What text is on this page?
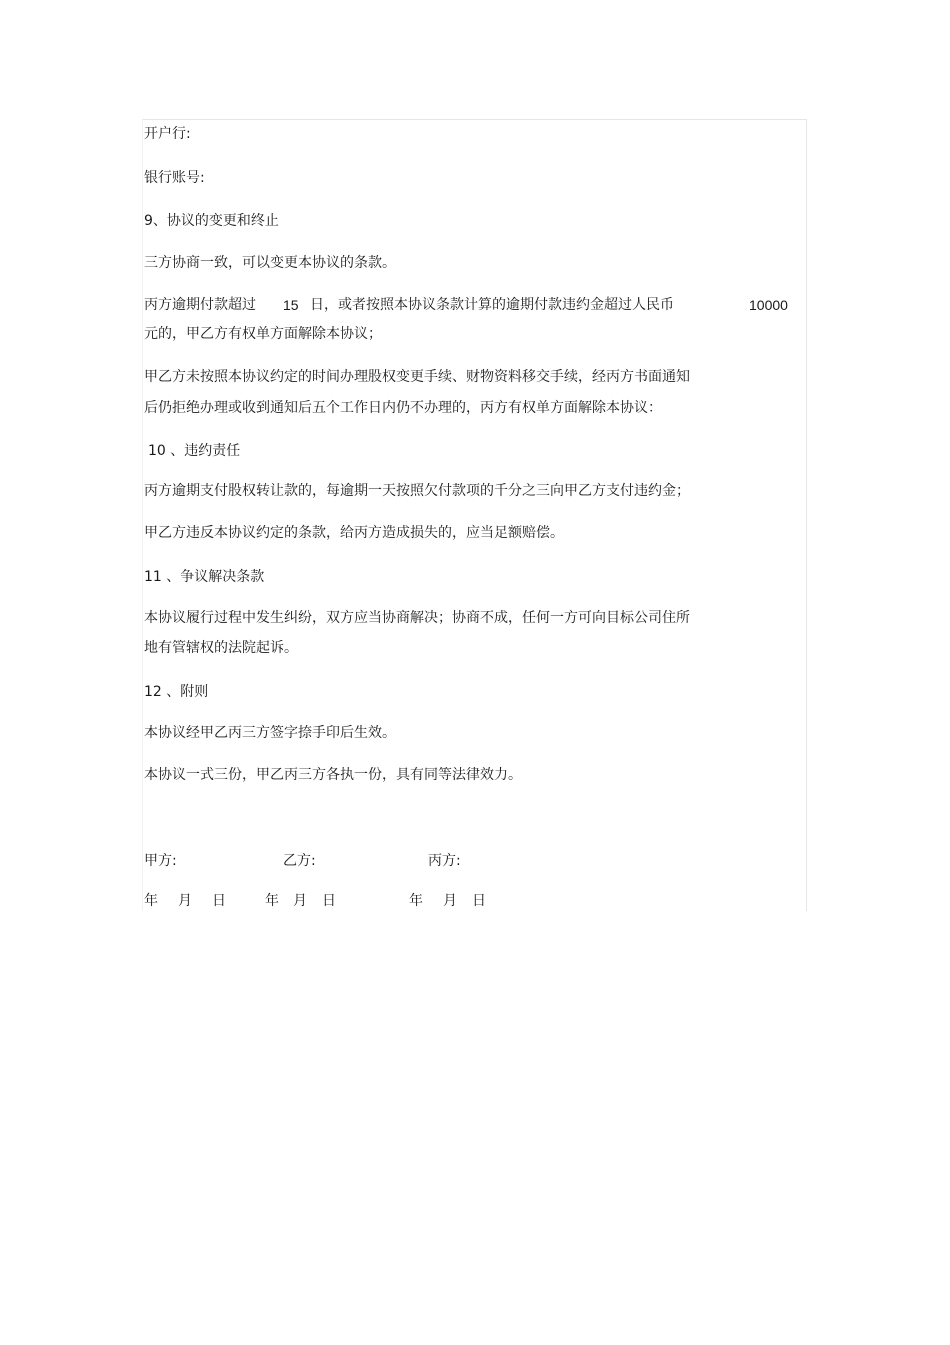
开户行:
银行账号:
9、协议的变更和终止
三方协商一致，可以变更本协议的条款。
丙方逾期付款超过 15 日，或者按照本协议条款计算的逾期付款违约金超过人民币	10000
元的，甲乙方有权单方面解除本协议；
甲乙方未按照本协议约定的时间办理股权变更手续、财物资料移交手续，经丙方书面通知
后仍拒绝办理或收到通知后五个工作日内仍不办理的，丙方有权单方面解除本协议：
10 、违约责任
丙方逾期支付股权转让款的，每逾期一天按照欠付款项的千分之三向甲乙方支付违约金；
甲乙方违反本协议约定的条款，给丙方造成损失的，应当足额赔偿。
11 、争议解决条款
本协议履行过程中发生纠纷，双方应当协商解决；协商不成，任何一方可向目标公司住所
地有管辖权的法院起诉。
12 、附则
本协议经甲乙丙三方签字捺手印后生效。
本协议一式三份，甲乙丙三方各执一份，具有同等法律效力。
甲方:	乙方:	丙方:
年 月 日	年 月 日	年 月 日
